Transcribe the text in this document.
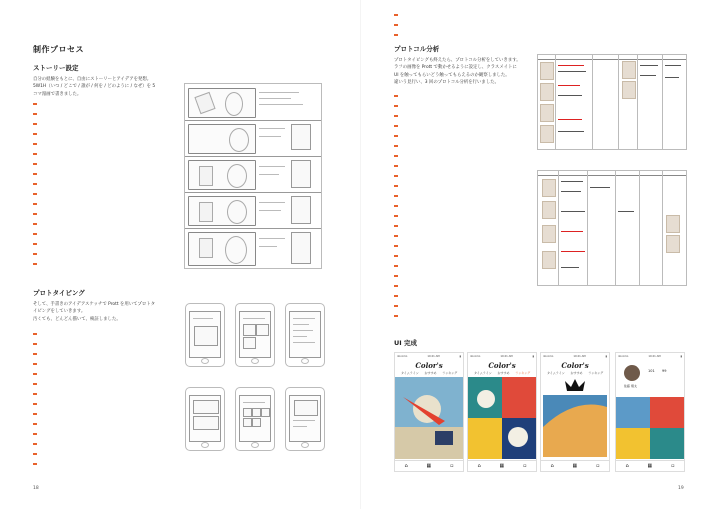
制作プロセス
ストーリー設定
自分の経験をもとに、自由にストーリーとアイデアを発想。
5W1H（いつ / どこで / 誰が / 何を / どのように / なぜ）を 5
コマ漫画で書きました。
プロトタイピング
そして、手書きのアイデアスケッチで Prott を用いてプロトタ
イピングをしていきます。
汚くても、どんどん描いて、検証しました。
18
プロトコル分析
プロトタイピングも終えたら、プロトコル分析をしていきます。
ラフの画像を Prott で動かせるように設定し、クラスメイトに
UI を触ってもらいどう触ってもらえるのか観察しました。
違いう見行い、3 回のプロトコル分析を行いました。
UI 完成
docomo	10:21 AM	▮
Color's
タイムライン おすすめ ランキング
⌂	▦	▫
docomo	10:21 AM	▮
Color's
タイムライン おすすめ ランキング
⌂	▦	▫
docomo	10:21 AM	▮
Color's
タイムライン おすすめ ランキング
⌂	▦	▫
docomo	10:21 AM	▮
101 99
佐藤 翔太
⌂	▦	▫
19
